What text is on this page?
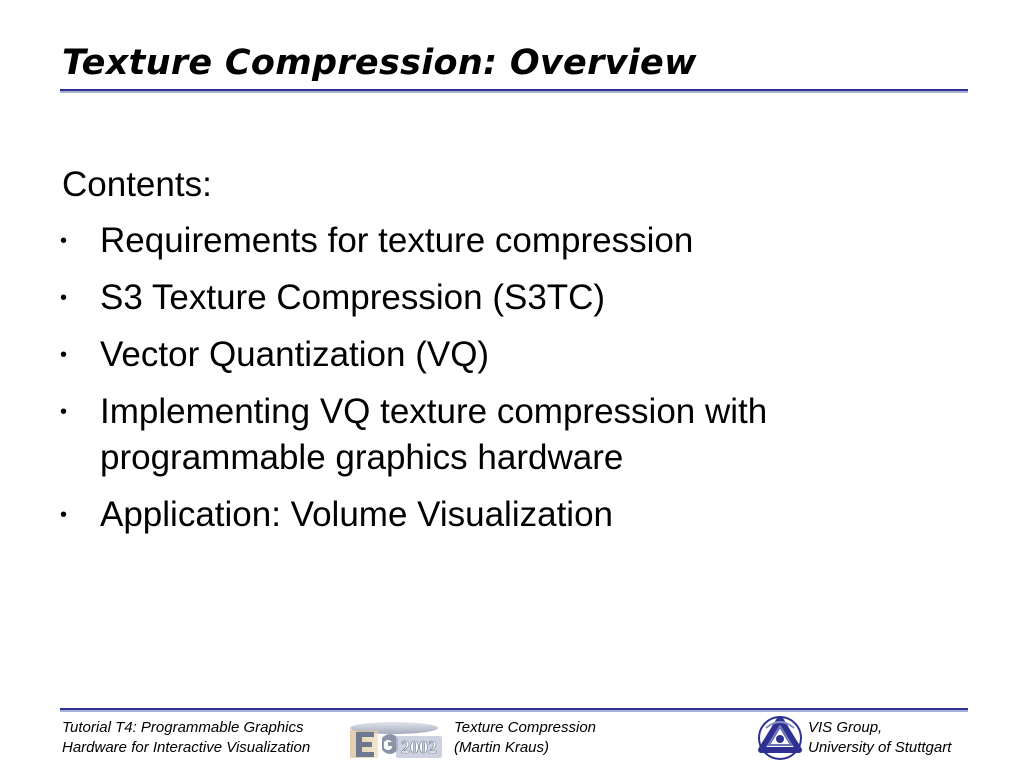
Texture Compression: Overview

Contents:

• Requirements for texture compression
• S3 Texture Compression (S3TC)
• Vector Quantization (VQ)
• Implementing VQ texture compression with programmable graphics hardware
• Application: Volume Visualization
Tutorial T4: Programmable Graphics
Hardware for Interactive Visualization	2002
Texture Compression
(Martin Kraus)
VIS Group,
University of Stuttgart
